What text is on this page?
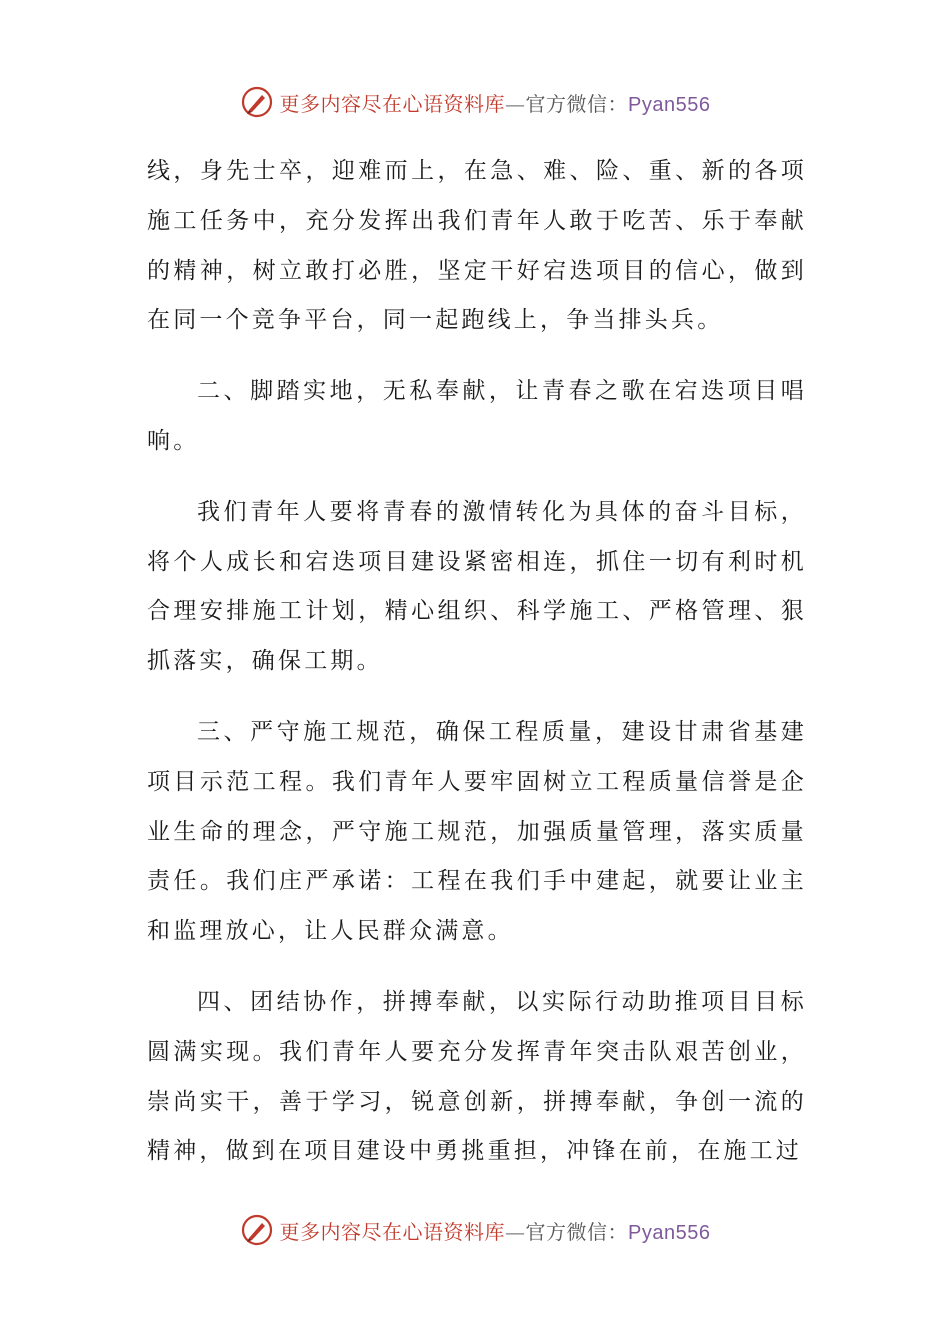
更多内容尽在心语资料库—官方微信：Pyan556

线，身先士卒，迎难而上，在急、难、险、重、新的各项施工任务中，充分发挥出我们青年人敢于吃苦、乐于奉献的精神，树立敢打必胜，坚定干好宕迭项目的信心，做到在同一个竞争平台，同一起跑线上，争当排头兵。

二、脚踏实地，无私奉献，让青春之歌在宕迭项目唱响。

我们青年人要将青春的激情转化为具体的奋斗目标，将个人成长和宕迭项目建设紧密相连，抓住一切有利时机合理安排施工计划，精心组织、科学施工、严格管理、狠抓落实，确保工期。

三、严守施工规范，确保工程质量，建设甘肃省基建项目示范工程。我们青年人要牢固树立工程质量信誉是企业生命的理念，严守施工规范，加强质量管理，落实质量责任。我们庄严承诺：工程在我们手中建起，就要让业主和监理放心，让人民群众满意。

四、团结协作，拼搏奉献，以实际行动助推项目目标圆满实现。我们青年人要充分发挥青年突击队艰苦创业，崇尚实干，善于学习，锐意创新，拼搏奉献，争创一流的精神，做到在项目建设中勇挑重担，冲锋在前，在施工过

更多内容尽在心语资料库—官方微信：Pyan556
